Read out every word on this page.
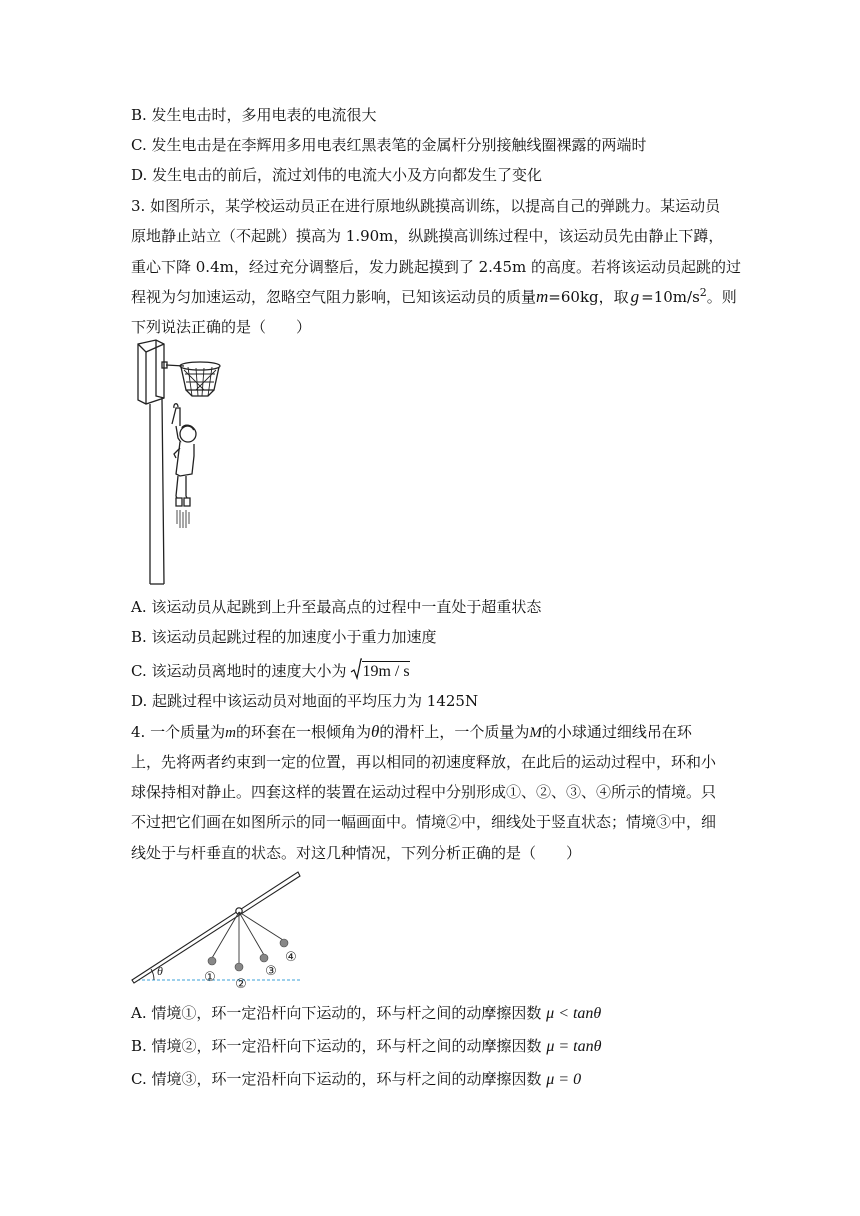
B. 发生电击时，多用电表的电流很大
C. 发生电击是在李辉用多用电表红黑表笔的金属杆分别接触线圈裸露的两端时
D. 发生电击的前后，流过刘伟的电流大小及方向都发生了变化
3. 如图所示，某学校运动员正在进行原地纵跳摸高训练，以提高自己的弹跳力。某运动员
原地静止站立（不起跳）摸高为 1.90m，纵跳摸高训练过程中，该运动员先由静止下蹲，
重心下降 0.4m，经过充分调整后，发力跳起摸到了 2.45m 的高度。若将该运动员起跳的过
程视为匀加速运动，忽略空气阻力影响，已知该运动员的质量m=60kg，取 $g =10m/s^2$。则
下列说法正确的是（　　）
A. 该运动员从起跳到上升至最高点的过程中一直处于超重状态
B. 该运动员起跳过程的加速度小于重力加速度
C. 该运动员离地时的速度大小为 19m / s
D. 起跳过程中该运动员对地面的平均压力为 1425N
4. 一个质量为m的环套在一根倾角为θ的滑杆上，一个质量为M的小球通过细线吊在环
上，先将两者约束到一定的位置，再以相同的初速度释放，在此后的运动过程中，环和小
球保持相对静止。四套这样的装置在运动过程中分别形成①、②、③、④所示的情境。只
不过把它们画在如图所示的同一幅画面中。情境②中，细线处于竖直状态；情境③中，细
线处于与杆垂直的状态。对这几种情况，下列分析正确的是（　　）
θ	① ②
③
④
A. 情境①，环一定沿杆向下运动的，环与杆之间的动摩擦因数 μ < tanθ
B. 情境②，环一定沿杆向下运动的，环与杆之间的动摩擦因数 μ = tanθ
C. 情境③，环一定沿杆向下运动的，环与杆之间的动摩擦因数 μ = 0
